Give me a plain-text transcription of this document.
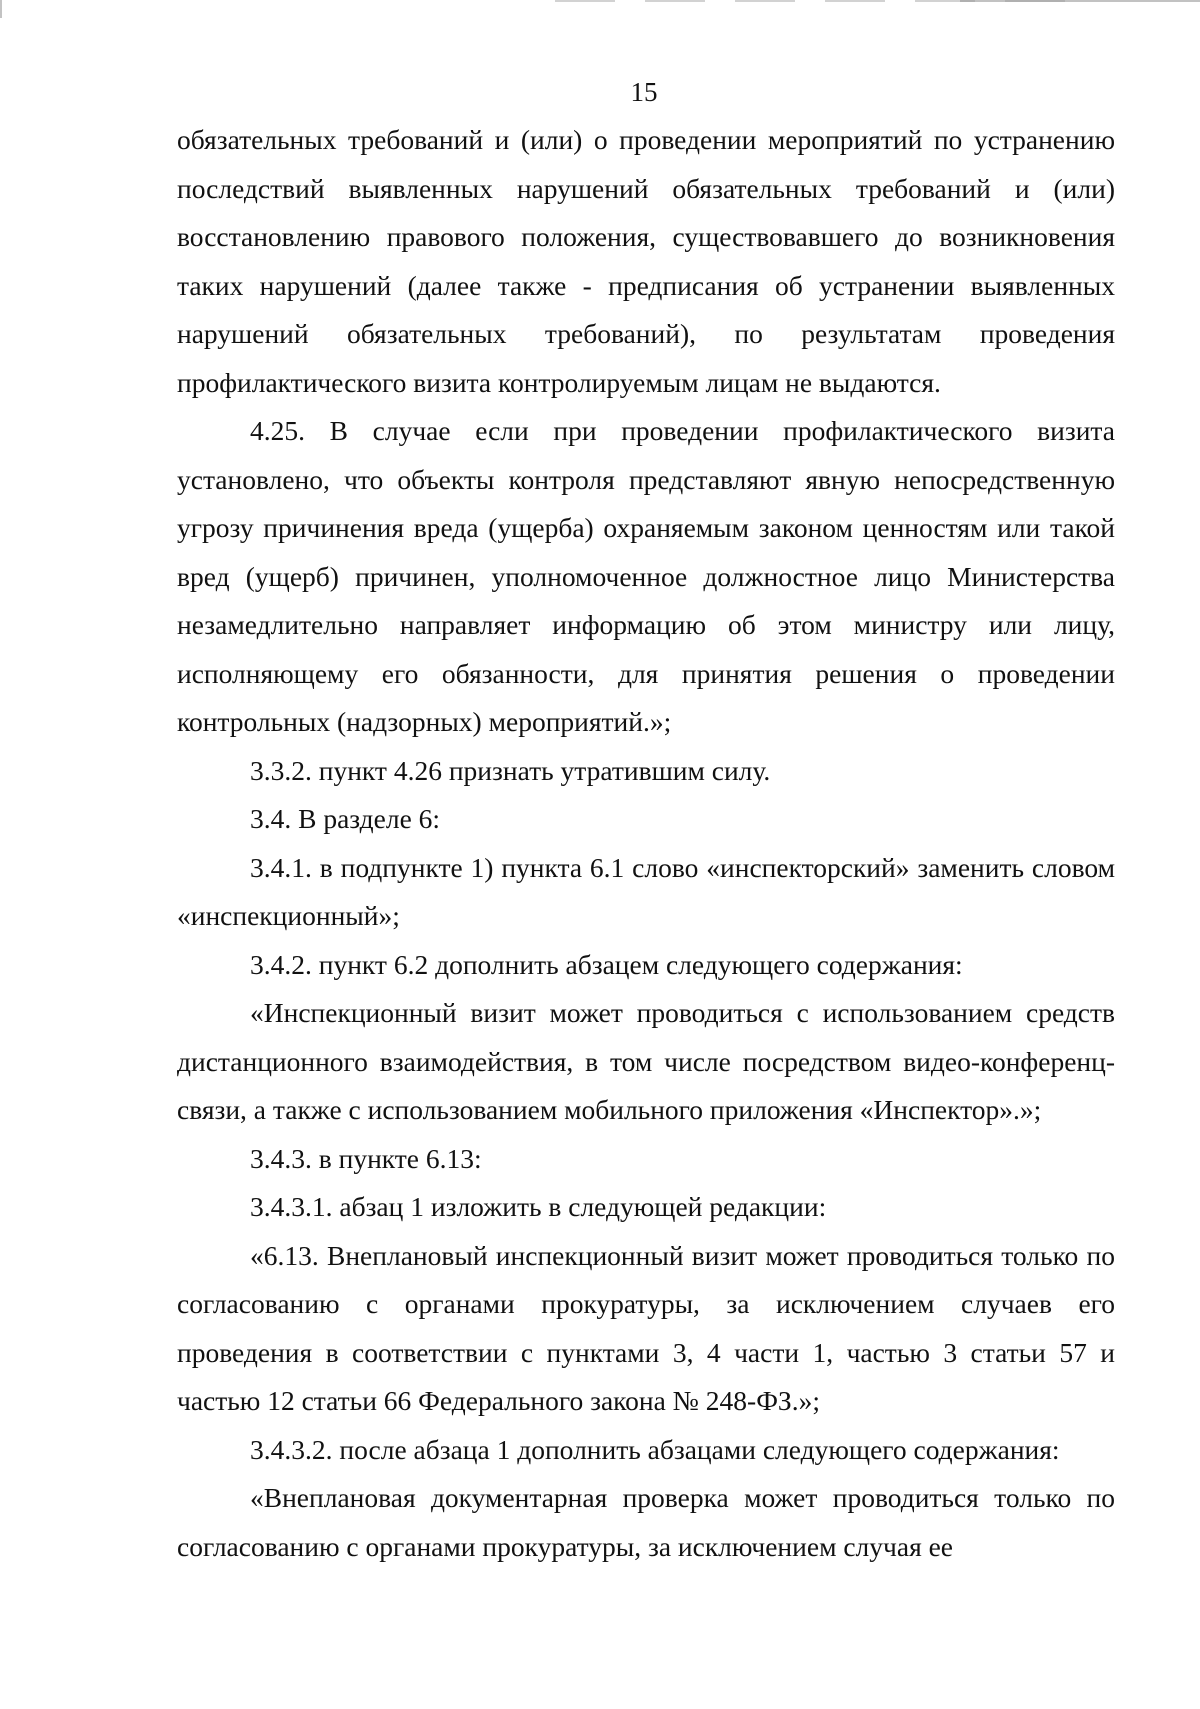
15

обязательных требований и (или) о проведении мероприятий по устранению последствий выявленных нарушений обязательных требований и (или) восстановлению правового положения, существовавшего до возникновения таких нарушений (далее также - предписания об устранении выявленных нарушений обязательных требований), по результатам проведения профилактического визита контролируемым лицам не выдаются.

4.25. В случае если при проведении профилактического визита установлено, что объекты контроля представляют явную непосредственную угрозу причинения вреда (ущерба) охраняемым законом ценностям или такой вред (ущерб) причинен, уполномоченное должностное лицо Министерства незамедлительно направляет информацию об этом министру или лицу, исполняющему его обязанности, для принятия решения о проведении контрольных (надзорных) мероприятий.»;

3.3.2. пункт 4.26 признать утратившим силу.

3.4. В разделе 6:

3.4.1. в подпункте 1) пункта 6.1 слово «инспекторский» заменить словом «инспекционный»;

3.4.2. пункт 6.2 дополнить абзацем следующего содержания:

«Инспекционный визит может проводиться с использованием средств дистанционного взаимодействия, в том числе посредством видео-конференц-связи, а также с использованием мобильного приложения «Инспектор».»;

3.4.3. в пункте 6.13:

3.4.3.1. абзац 1 изложить в следующей редакции:

«6.13. Внеплановый инспекционный визит может проводиться только по согласованию с органами прокуратуры, за исключением случаев его проведения в соответствии с пунктами 3, 4 части 1, частью 3 статьи 57 и частью 12 статьи 66 Федерального закона № 248-ФЗ.»;

3.4.3.2. после абзаца 1 дополнить абзацами следующего содержания:

«Внеплановая документарная проверка может проводиться только по согласованию с органами прокуратуры, за исключением случая ее
